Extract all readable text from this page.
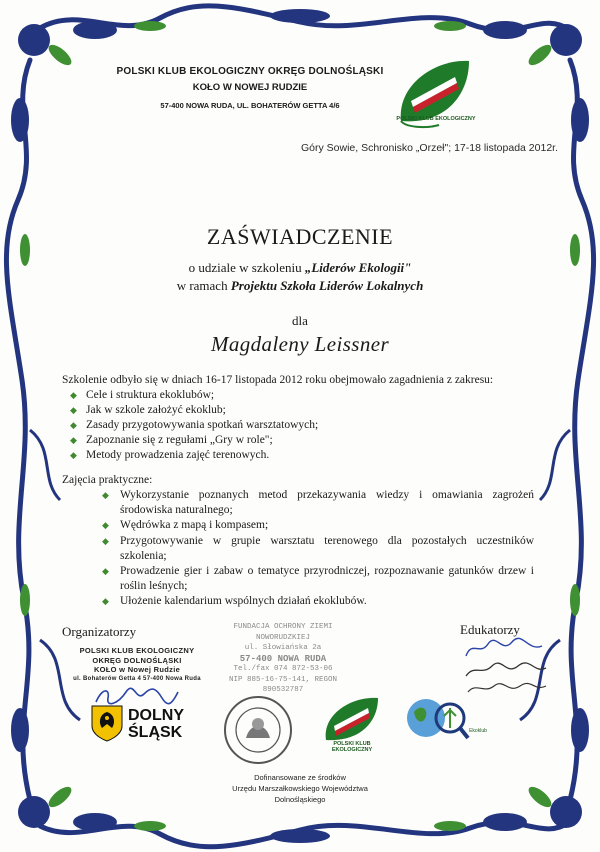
POLSKI KLUB EKOLOGICZNY OKRĘG DOLNOŚLĄSKI
KOŁO W NOWEJ RUDZIE
57-400 NOWA RUDA, UL. BOHATERÓW GETTA 4/6
POLSKI KLUB EKOLOGICZNY
Góry Sowie, Schronisko „Orzeł"; 17-18 listopada 2012r.
ZAŚWIADCZENIE
o udziale w szkoleniu „Liderów Ekologii"
w ramach Projektu Szkoła Liderów Lokalnych
dla
Magdaleny Leissner
Szkolenie odbyło się w dniach 16-17 listopada 2012 roku obejmowało zagadnienia z zakresu:
◆ Cele i struktura ekoklubów;
◆ Jak w szkole założyć ekoklub;
◆ Zasady przygotowywania spotkań warsztatowych;
◆ Zapoznanie się z regułami „Gry w role";
◆ Metody prowadzenia zajęć terenowych.
Zajęcia praktyczne:
◆ Wykorzystanie poznanych metod przekazywania wiedzy i omawiania zagrożeń środowiska naturalnego;
◆ Wędrówka z mapą i kompasem;
◆ Przygotowywanie w grupie warsztatu terenowego dla pozostałych uczestników szkolenia;
◆ Prowadzenie gier i zabaw o tematyce przyrodniczej, rozpoznawanie gatunków drzew i roślin leśnych;
◆ Ułożenie kalendarium wspólnych działań ekoklubów.
Organizatorzy	Edukatorzy
POLSKI KLUB EKOLOGICZNY
OKRĘG DOLNOŚLĄSKI
KOŁO w Nowej Rudzie
ul. Bohaterów Getta 4 57-400 Nowa Ruda
FUNDACJA OCHRONY ZIEMI NOWORUDZKIEJ
ul. Słowiańska 2a
57-400 NOWA RUDA
Tel./fax 074 872-53-06
NIP 885-16-75-141, REGON 890532787
DOLNY
ŚLĄSK
POLSKI KLUB EKOLOGICZNY
Ekoklub
Dofinansowane ze środków
Urzędu Marszałkowskiego Województwa
Dolnośląskiego
